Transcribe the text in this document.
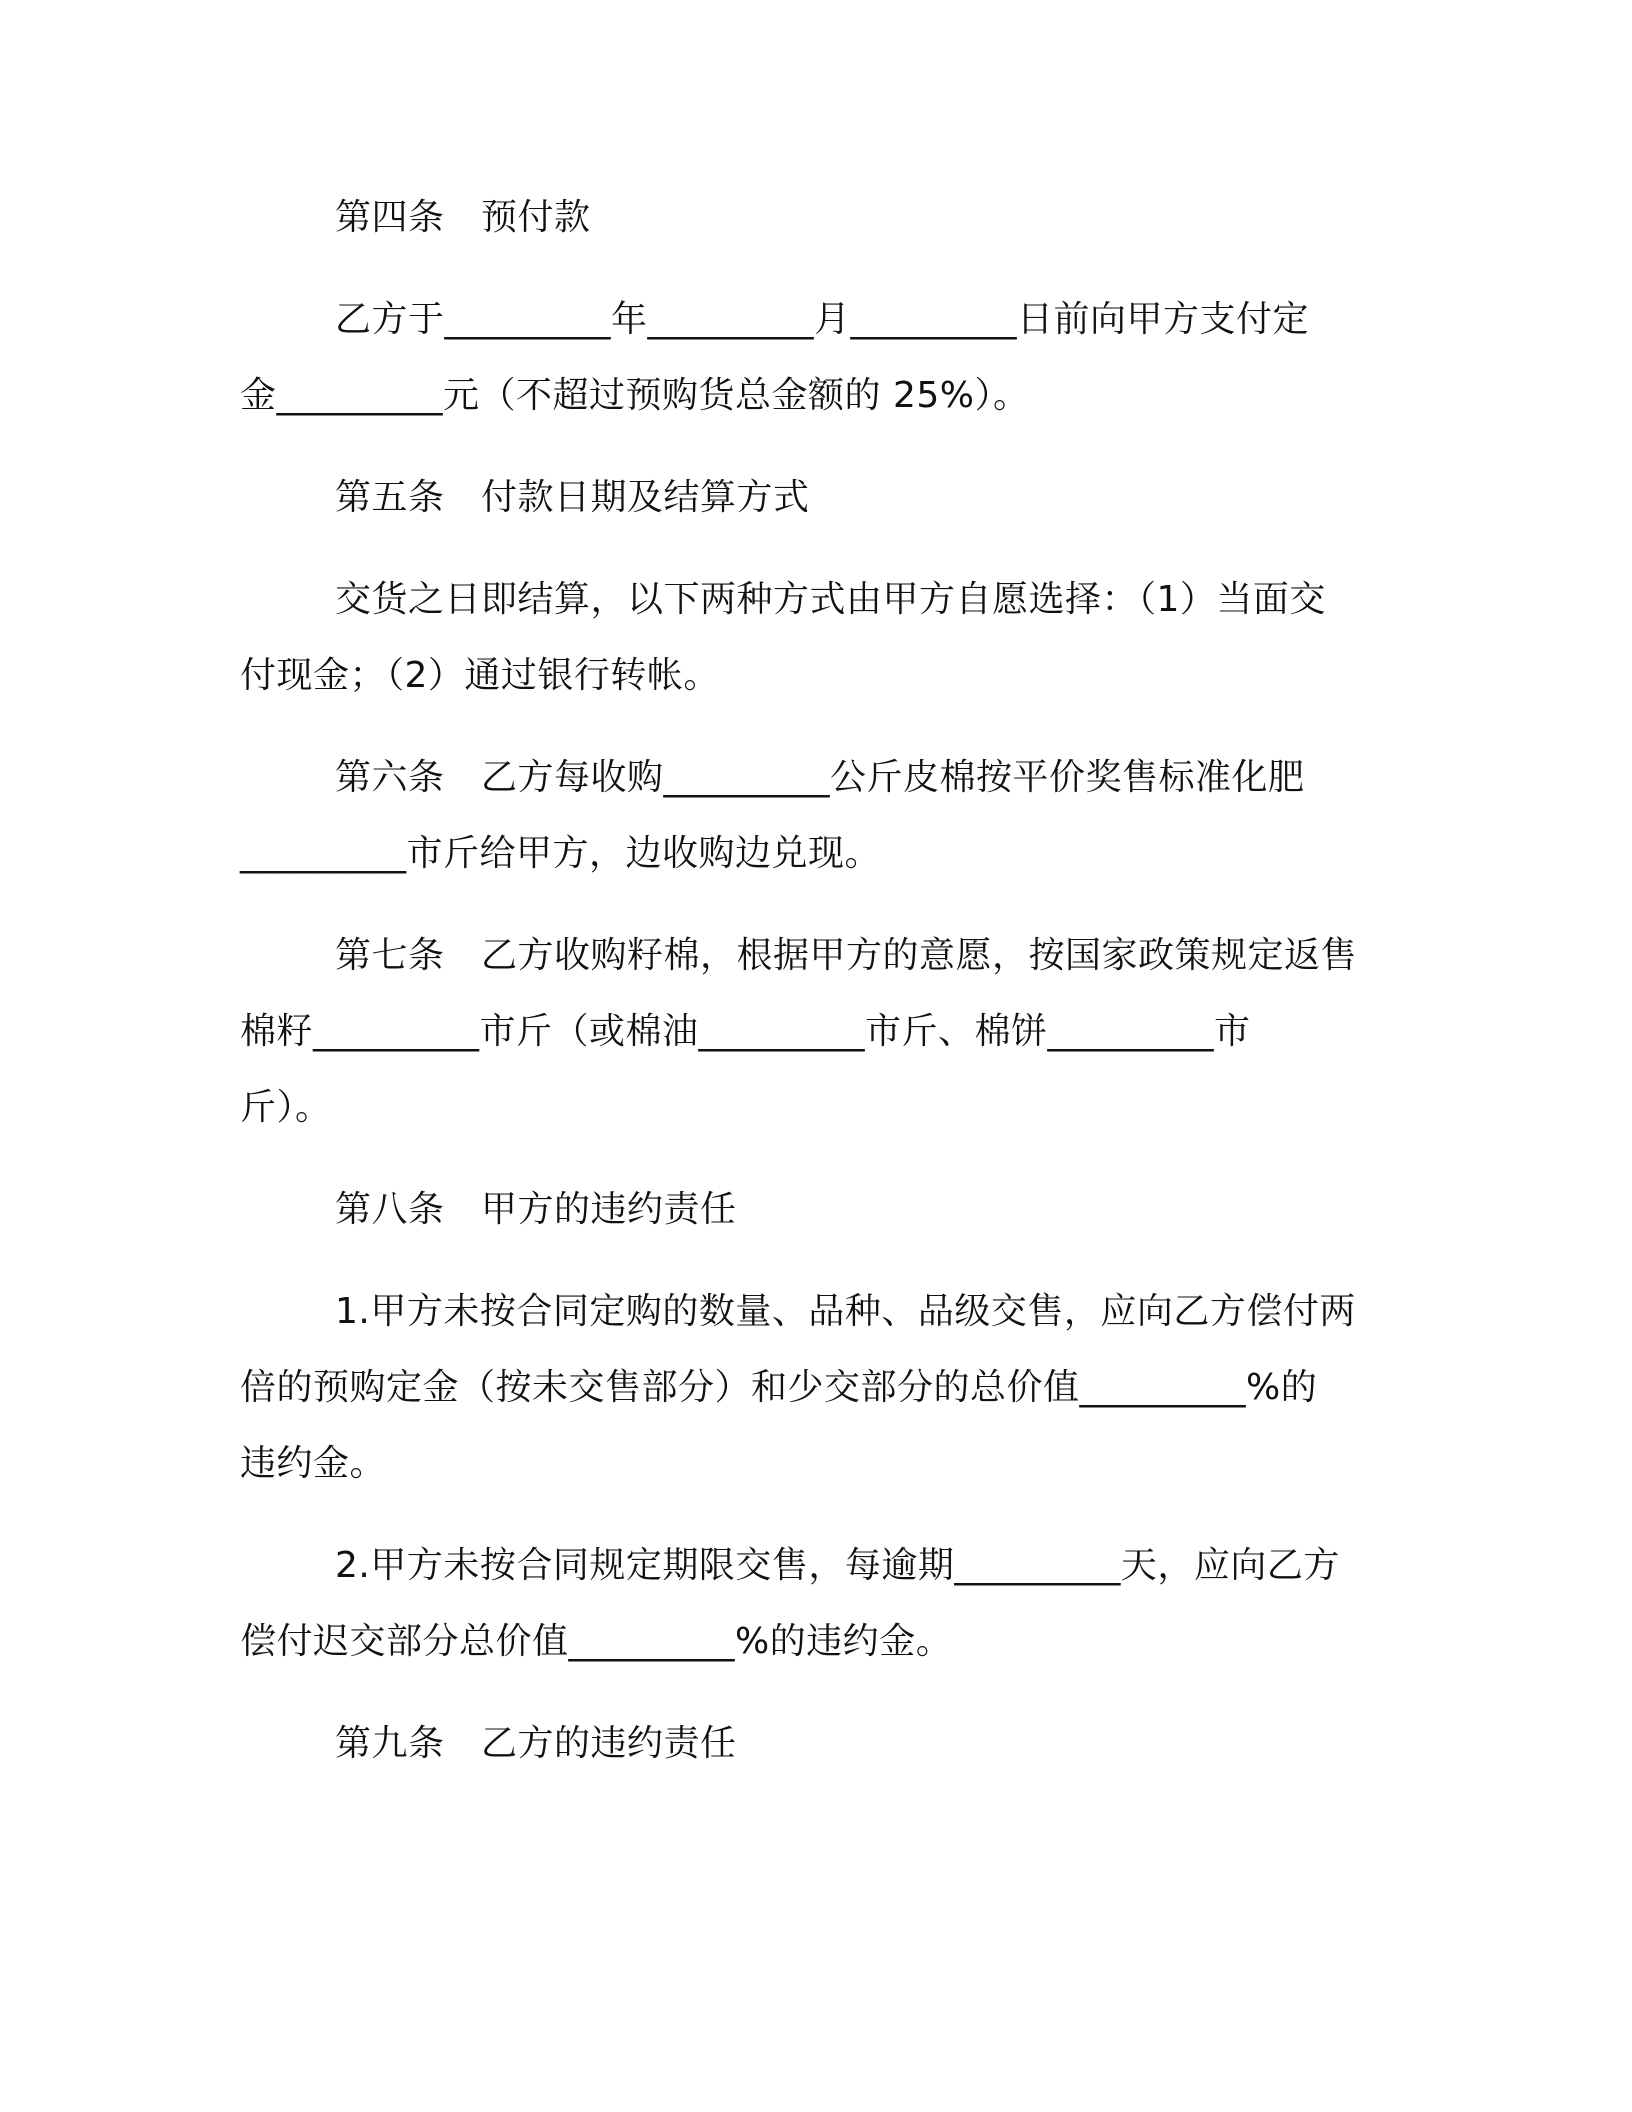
第四条　预付款
乙方于_________年_________月_________日前向甲方支付定
金_________元（不超过预购货总金额的 25%）。
第五条　付款日期及结算方式
交货之日即结算，以下两种方式由甲方自愿选择：（1）当面交
付现金；（2）通过银行转帐。
第六条　乙方每收购_________公斤皮棉按平价奖售标准化肥
_________市斤给甲方，边收购边兑现。
第七条　乙方收购籽棉，根据甲方的意愿，按国家政策规定返售
棉籽_________市斤（或棉油_________市斤、棉饼_________市
斤）。
第八条　甲方的违约责任
1.甲方未按合同定购的数量、品种、品级交售，应向乙方偿付两
倍的预购定金（按未交售部分）和少交部分的总价值_________%的
违约金。
2.甲方未按合同规定期限交售，每逾期_________天，应向乙方
偿付迟交部分总价值_________%的违约金。
第九条　乙方的违约责任
